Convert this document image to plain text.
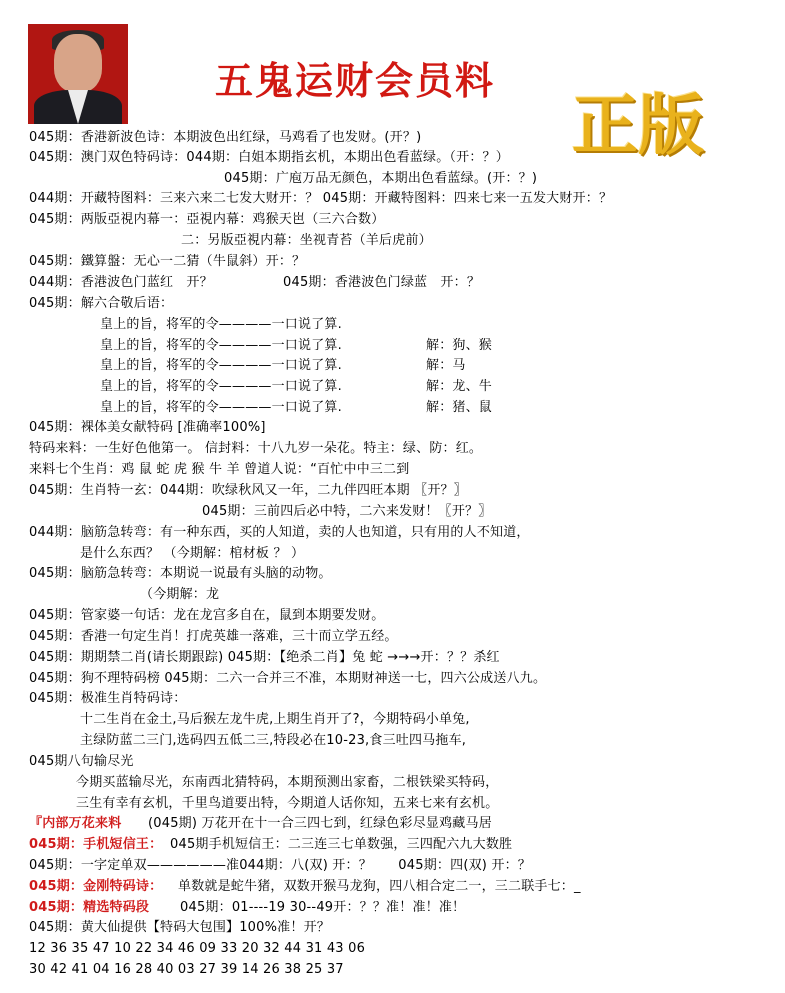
五鬼运财会员料
正版
045期：香港新波色诗：本期波色出红绿，马鸡看了也发财。(开？)
045期：澳门双色特码诗：044期：白姐本期指玄机，本期出色看蓝绿。（开：？）
045期：广庖万品无颜色，本期出色看蓝绿。(开：？)
044期：开藏特图料：三来六来二七发大财开：？ 045期：开藏特图料：四来七来一五发大财开：？
045期：两版亞視内幕一：亞視内幕：鸡猴天岜（三六合数）
二：另版亞視内幕：坐视青苔（羊后虎前）
045期：鐵算盤：无心一二猜（牛鼠斜）开：？
044期：香港波色门蓝红　开？	045期：香港波色门绿蓝　开：？
045期：解六合敬后语：
皇上的旨，将军的令————一口说了算.
皇上的旨，将军的令————一口说了算.	解：狗、猴
皇上的旨，将军的令————一口说了算.	解：马
皇上的旨，将军的令————一口说了算.	解：龙、牛
皇上的旨，将军的令————一口说了算.	解：猪、鼠
045期：裸体美女献特码 [准确率100%]
特码来料：一生好色他第一。 信封料：十八九岁一朵花。特主：绿、防：红。
来料七个生肖：鸡 鼠 蛇 虎 猴 牛 羊 曾道人说：“百忙中中三二到
045期：生肖特一玄：044期：吹绿秋风又一年，二九伴四旺本期 〖开？〗
045期：三前四后必中特，二六来发财！〖开？〗
044期：脑筋急转弯：有一种东西，买的人知道，卖的人也知道，只有用的人不知道，
是什么东西？ （今期解：棺材板 ？ ）
045期：脑筋急转弯：本期说一说最有头脑的动物。
（今期解：龙
045期：管家婆一句话：龙在龙宫多自在，鼠到本期要发财。
045期：香港一句定生肖！打虎英雄一落难，三十而立学五经。
045期：期期禁二肖(请长期跟踪) 045期：【绝杀二肖】兔 蛇 →→→开：？？杀红
045期：狗不理特码榜 045期：二六一合并三不准，本期财神送一七，四六公成送八九。
045期：极准生肖特码诗：
十二生肖在金土,马后猴左龙牛虎,上期生肖开了?，今期特码小单兔,
主绿防蓝二三门,选码四五低二三,特段必在10-23,食三吐四马拖车,
045期八句输尽光
今期买蓝输尽光，东南西北猜特码，本期预测出家畜，二根铁梁买特码，
三生有幸有玄机，千里鸟道要出特，今期道人话你知，五来七来有玄机。
『内部万花来料 (045期) 万花开在十一合三四七到，红绿色彩尽显鸡藏马居
045期：手机短信王： 045期手机短信王：二三连三七单数强，三四配六九大数胜
045期：一字定单双——————准044期：八(双) 开：？　　045期：四(双) 开：？
045期：金刚特码诗： 单数就是蛇牛猪，双数开猴马龙狗，四八相合定二一，三二联手七：_
045期：精选特码段 045期：01----19 30--49开：？？准！准！准！
045期：黄大仙提供【特码大包围】100%准！开？
12 36 35 47 10 22 34 46 09 33 20 32 44 31 43 06
30 42 41 04 16 28 40 03 27 39 14 26 38 25 37
